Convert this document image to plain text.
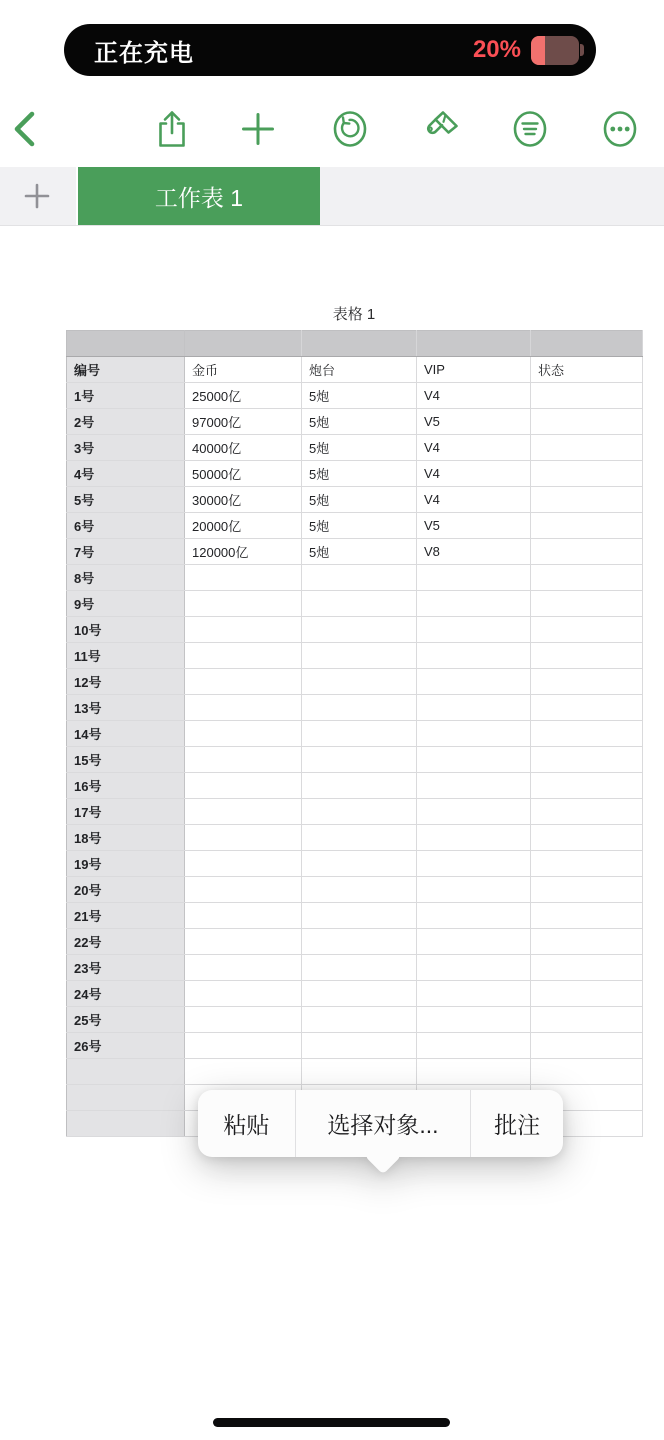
正在充电	20%
工作表 1
表格 1

编号	金币	炮台	VIP	状态
1号	25000亿	5炮	V4	
2号	97000亿	5炮	V5	
3号	40000亿	5炮	V4	
4号	50000亿	5炮	V4	
5号	30000亿	5炮	V4	
6号	20000亿	5炮	V5	
7号	120000亿	5炮	V8	
8号				
9号				
10号				
11号				
12号				
13号				
14号				
15号				
16号				
17号				
18号				
19号				
20号				
21号				
22号				
23号				
24号				
25号				
26号				

粘贴	选择对象...	批注
